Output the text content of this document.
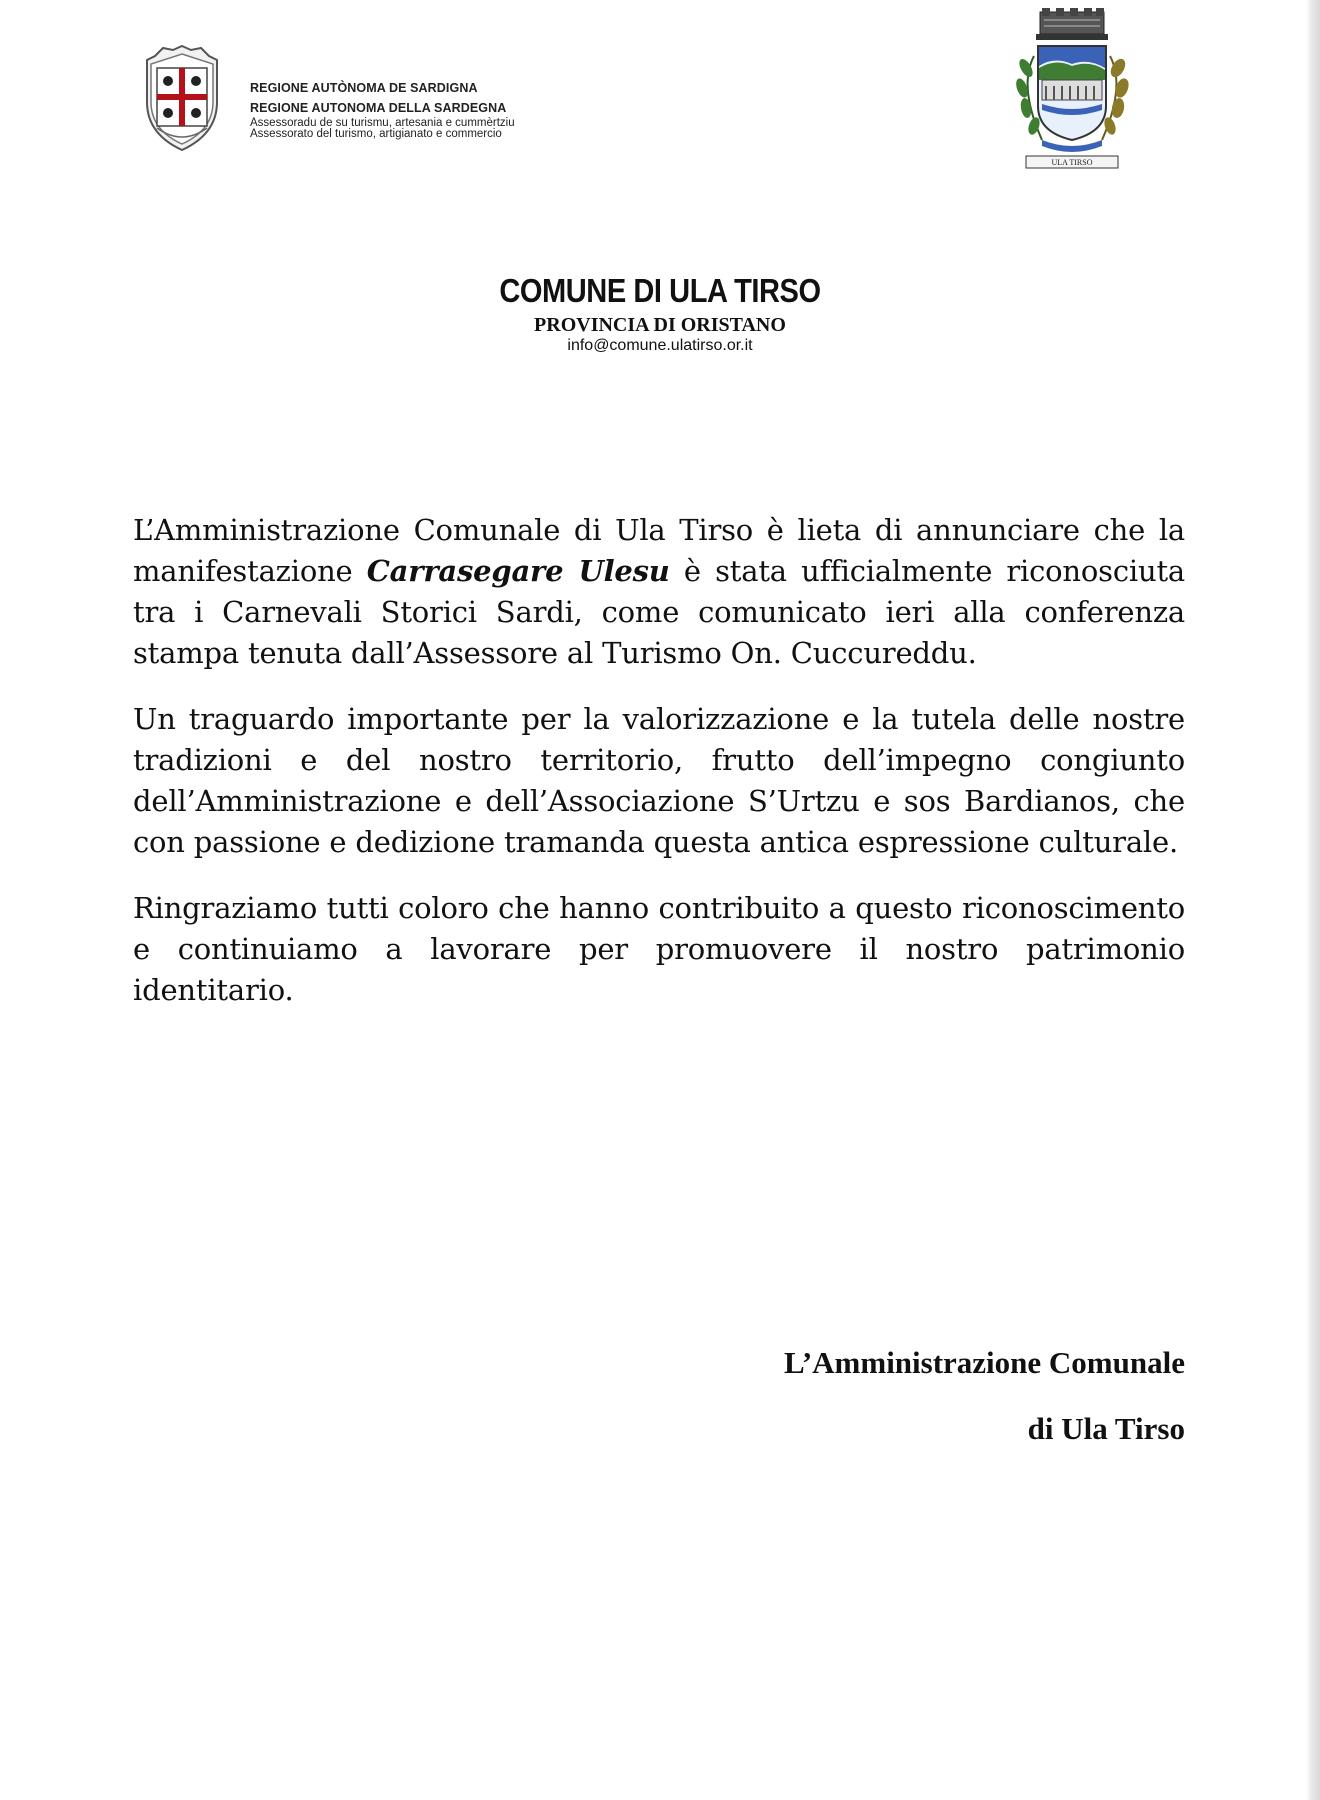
REGIONE AUTÒNOMA DE SARDIGNA
REGIONE AUTONOMA DELLA SARDEGNA
Assessoradu de su turismu, artesania e cummèrtziu
Assessorato del turismo, artigianato e commercio
ULA TIRSO
COMUNE DI ULA TIRSO
PROVINCIA DI ORISTANO
info@comune.ulatirso.or.it

L’Amministrazione Comunale di Ula Tirso è lieta di annunciare che la manifestazione Carrasegare Ulesu è stata ufficialmente riconosciuta tra i Carnevali Storici Sardi, come comunicato ieri alla conferenza stampa tenuta dall’Assessore al Turismo On. Cuccureddu.

Un traguardo importante per la valorizzazione e la tutela delle nostre tradizioni e del nostro territorio, frutto dell’impegno congiunto dell’Amministrazione e dell’Associazione S’Urtzu e sos Bardianos, che con passione e dedizione tramanda questa antica espressione culturale.

Ringraziamo tutti coloro che hanno contribuito a questo riconoscimento e continuiamo a lavorare per promuovere il nostro patrimonio identitario.

L’Amministrazione Comunale
di Ula Tirso
